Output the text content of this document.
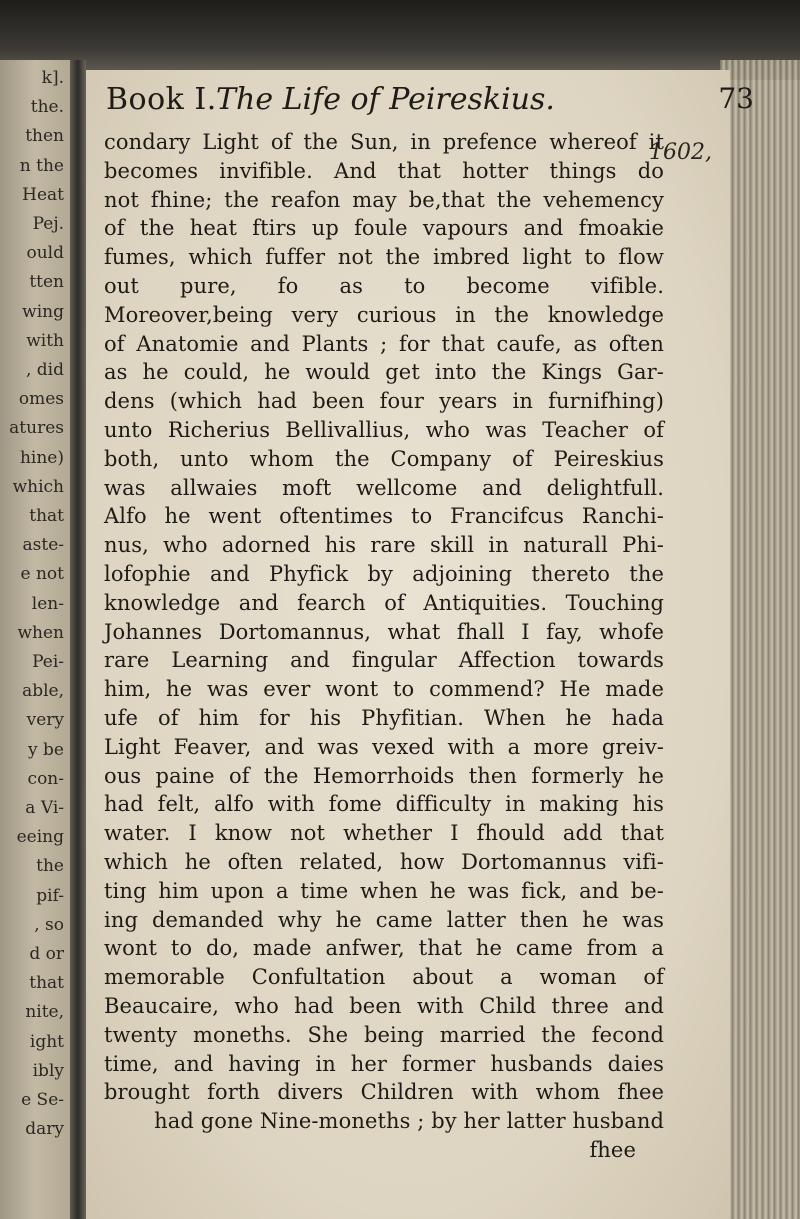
k].
the.
then
n the
Heat
Pej.
ould
tten
wing
with
, did
omes
atures
hine)
which
that
aste-
e not
len-
when
Pei-
able,
very
y be
con-
a Vi-
eeing
the
pif-
, so
d or
that
nite,
ight
ibly
e Se-
dary
Book I. The Life of Peireskius.	73
1602,
condary Light of the Sun, in prefence whereof it
becomes invifible. And that hotter things do
not fhine; the reafon may be,that the vehemency
of the heat ftirs up foule vapours and fmoakie
fumes, which fuffer not the imbred light to flow
out pure, fo as to become vifible.
Moreover,being very curious in the knowledge
of Anatomie and Plants ; for that caufe, as often
as he could, he would get into the Kings Gar-
dens (which had been four years in furnifhing)
unto Richerius Bellivallius, who was Teacher of
both, unto whom the Company of Peireskius
was allwaies moft wellcome and delightfull.
Alfo he went oftentimes to Francifcus Ranchi-
nus, who adorned his rare skill in naturall Phi-
lofophie and Phyfick by adjoining thereto the
knowledge and fearch of Antiquities. Touching
Johannes Dortomannus, what fhall I fay, whofe
rare Learning and fingular Affection towards
him, he was ever wont to commend? He made
ufe of him for his Phyfitian. When he hada
Light Feaver, and was vexed with a more greiv-
ous paine of the Hemorrhoids then formerly he
had felt, alfo with fome difficulty in making his
water. I know not whether I fhould add that
which he often related, how Dortomannus vifi-
ting him upon a time when he was fick, and be-
ing demanded why he came latter then he was
wont to do, made anfwer, that he came from a
memorable Confultation about a woman of
Beaucaire, who had been with Child three and
twenty moneths. She being married the fecond
time, and having in her former husbands daies
brought forth divers Children with whom fhee
had gone Nine-moneths ; by her latter husband
fhee
